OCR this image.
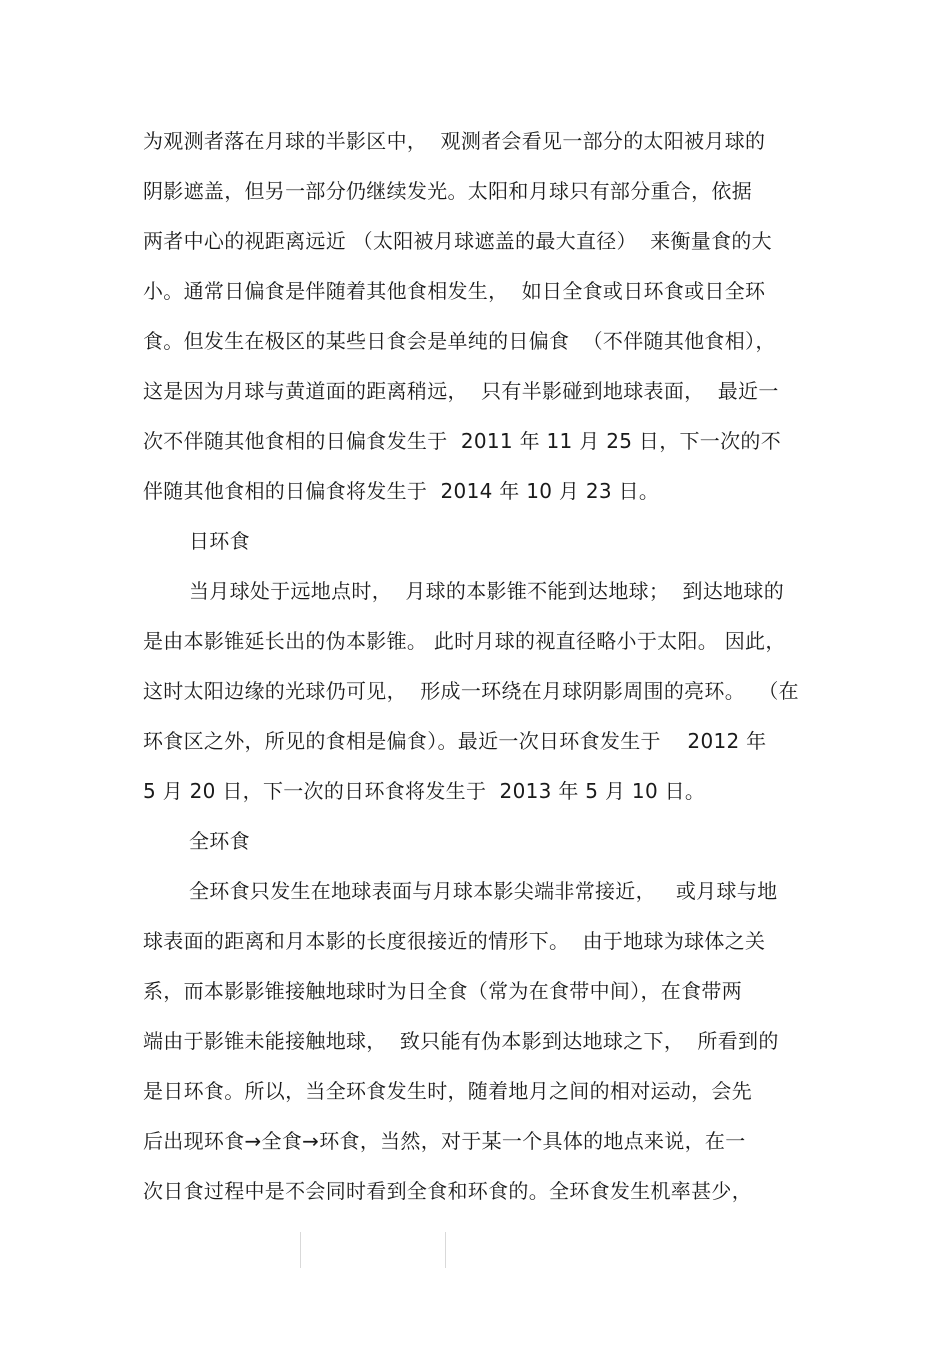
为观测者落在月球的半影区中，  观测者会看见一部分的太阳被月球的
阴影遮盖，但另一部分仍继续发光。太阳和月球只有部分重合，依据
两者中心的视距离远近 （太阳被月球遮盖的最大直径）  来衡量食的大
小。通常日偏食是伴随着其他食相发生，  如日全食或日环食或日全环
食。但发生在极区的某些日食会是单纯的日偏食  （不伴随其他食相），
这是因为月球与黄道面的距离稍远，  只有半影碰到地球表面，  最近一
次不伴随其他食相的日偏食发生于  2011 年 11 月 25 日，下一次的不
伴随其他食相的日偏食将发生于  2014 年 10 月 23 日。
日环食
当月球处于远地点时，  月球的本影锥不能到达地球；  到达地球的
是由本影锥延长出的伪本影锥。 此时月球的视直径略小于太阳。 因此，
这时太阳边缘的光球仍可见，  形成一环绕在月球阴影周围的亮环。  （在
环食区之外，所见的食相是偏食）。最近一次日环食发生于    2012 年
5 月 20 日，下一次的日环食将发生于  2013 年 5 月 10 日。
全环食
全环食只发生在地球表面与月球本影尖端非常接近，   或月球与地
球表面的距离和月本影的长度很接近的情形下。  由于地球为球体之关
系，而本影影锥接触地球时为日全食（常为在食带中间），在食带两
端由于影锥未能接触地球，  致只能有伪本影到达地球之下，  所看到的
是日环食。所以，当全环食发生时，随着地月之间的相对运动，会先
后出现环食→全食→环食，当然，对于某一个具体的地点来说，在一
次日食过程中是不会同时看到全食和环食的。全环食发生机率甚少，
